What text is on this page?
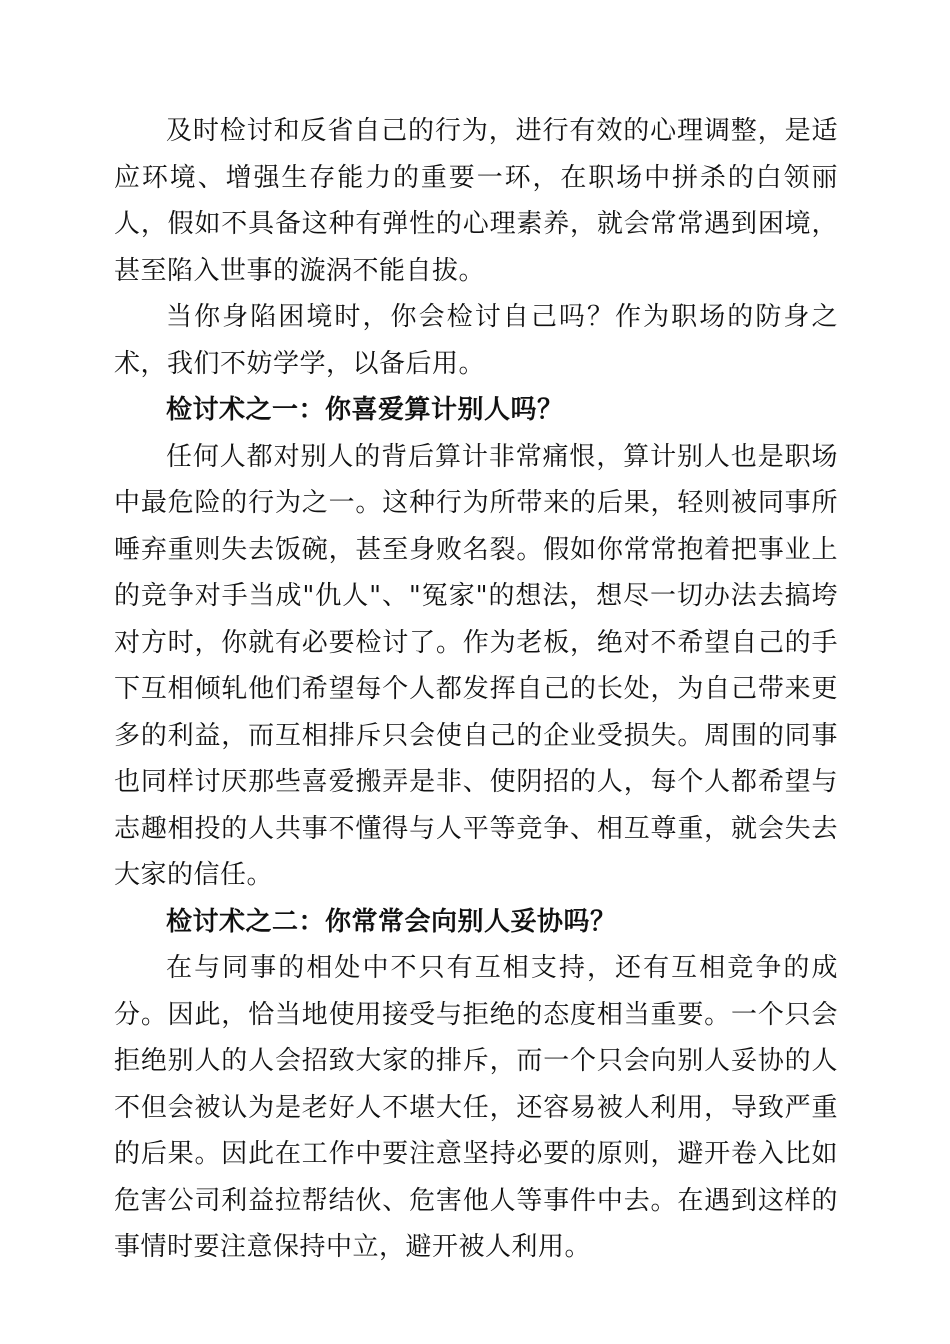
及时检讨和反省自己的行为，进行有效的心理调整，是适应环境、增强生存能力的重要一环，在职场中拼杀的白领丽人，假如不具备这种有弹性的心理素养，就会常常遇到困境，甚至陷入世事的漩涡不能自拔。

当你身陷困境时，你会检讨自己吗？作为职场的防身之术，我们不妨学学，以备后用。

检讨术之一：你喜爱算计别人吗？

任何人都对别人的背后算计非常痛恨，算计别人也是职场中最危险的行为之一。这种行为所带来的后果，轻则被同事所唾弃重则失去饭碗，甚至身败名裂。假如你常常抱着把事业上的竞争对手当成"仇人"、"冤家"的想法，想尽一切办法去搞垮对方时，你就有必要检讨了。作为老板，绝对不希望自己的手下互相倾轧他们希望每个人都发挥自己的长处，为自己带来更多的利益，而互相排斥只会使自己的企业受损失。周围的同事也同样讨厌那些喜爱搬弄是非、使阴招的人，每个人都希望与志趣相投的人共事不懂得与人平等竞争、相互尊重，就会失去大家的信任。

检讨术之二：你常常会向别人妥协吗？

在与同事的相处中不只有互相支持，还有互相竞争的成分。因此，恰当地使用接受与拒绝的态度相当重要。一个只会拒绝别人的人会招致大家的排斥，而一个只会向别人妥协的人不但会被认为是老好人不堪大任，还容易被人利用，导致严重的后果。因此在工作中要注意坚持必要的原则，避开卷入比如危害公司利益拉帮结伙、危害他人等事件中去。在遇到这样的事情时要注意保持中立，避开被人利用。
